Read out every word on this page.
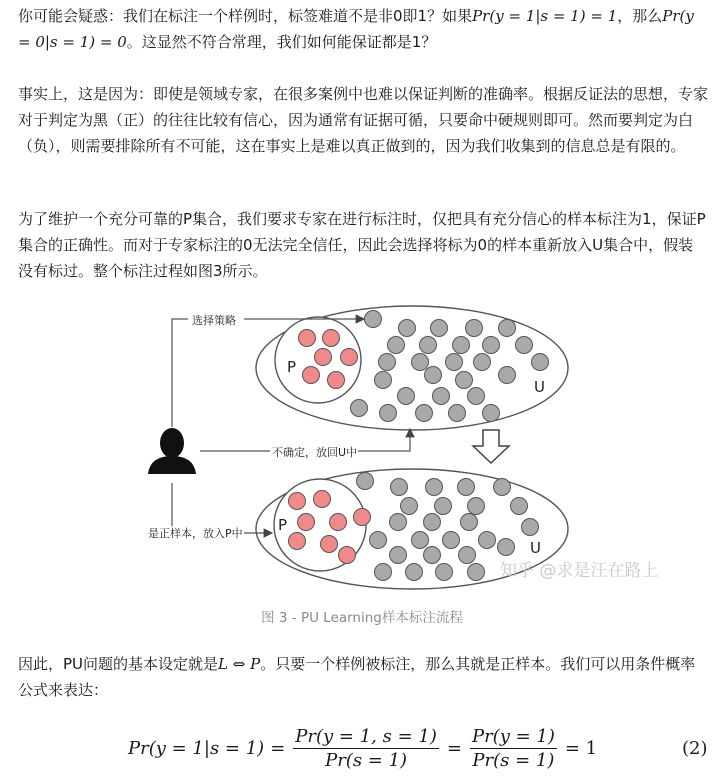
你可能会疑惑：我们在标注一个样例时，标签难道不是非0即1？如果Pr(y = 1|s = 1) = 1，那么Pr(y = 0|s = 1) = 0。这显然不符合常理，我们如何能保证都是1？

事实上，这是因为：即使是领域专家，在很多案例中也难以保证判断的准确率。根据反证法的思想，专家对于判定为黑（正）的往往比较有信心，因为通常有证据可循，只要命中硬规则即可。然而要判定为白（负），则需要排除所有不可能，这在事实上是难以真正做到的，因为我们收集到的信息总是有限的。

为了维护一个充分可靠的P集合，我们要求专家在进行标注时，仅把具有充分信心的样本标注为1，保证P集合的正确性。而对于专家标注的0无法完全信任，因此会选择将标为0的样本重新放入U集合中，假装没有标过。整个标注过程如图3所示。

P
U
P
U
选择策略
不确定，放回U中
是正样本，放入P中
知乎 @求是汪在路上
图 3 - PU Learning样本标注流程

因此，PU问题的基本设定就是L ⇔ P。只要一个样例被标注，那么其就是正样本。我们可以用条件概率公式来表达：

$Pr(y = 1|s = 1) = \frac{Pr(y = 1, s = 1)}{Pr(s = 1)} = \frac{Pr(y = 1)}{Pr(s = 1)} = 1$	(2)
